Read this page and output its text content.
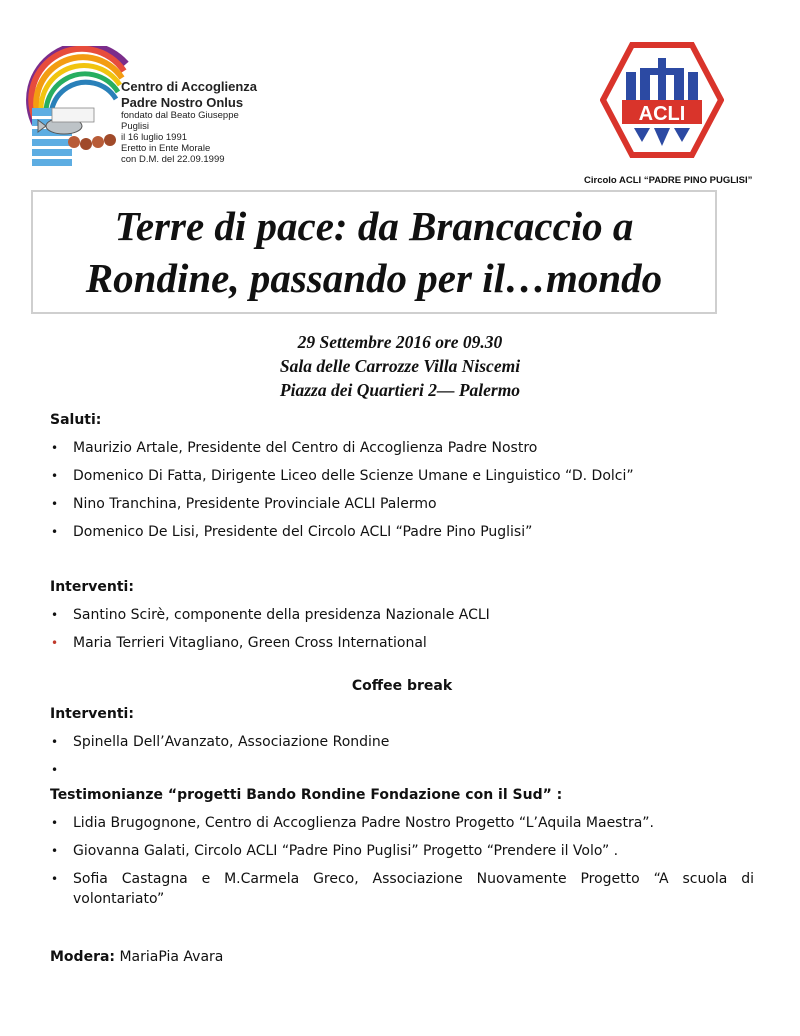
Centro di Accoglienza
Padre Nostro Onlus
fondato dal Beato Giuseppe Puglisi
il 16 luglio 1991
Eretto in Ente Morale
con D.M. del 22.09.1999
ACLI
Circolo ACLI “PADRE PINO PUGLISI”
Terre di pace: da Brancaccio a Rondine, passando per il…mondo
29 Settembre 2016 ore 09.30
Sala delle Carrozze Villa Niscemi
Piazza dei Quartieri 2— Palermo
Saluti:
• Maurizio Artale, Presidente del Centro di Accoglienza Padre Nostro
• Domenico Di Fatta, Dirigente Liceo delle Scienze Umane e Linguistico “D. Dolci”
• Nino Tranchina, Presidente Provinciale ACLI Palermo
• Domenico De Lisi, Presidente del Circolo ACLI “Padre Pino Puglisi”
Interventi:
• Santino Scirè, componente della presidenza Nazionale ACLI
• Maria Terrieri Vitagliano, Green Cross International
Coffee break
Interventi:
• Spinella Dell’Avanzato, Associazione Rondine
•
Testimonianze “progetti Bando Rondine Fondazione con il Sud” :
• Lidia Brugognone, Centro di Accoglienza Padre Nostro Progetto “L’Aquila Maestra”.
• Giovanna Galati, Circolo ACLI “Padre Pino Puglisi” Progetto “Prendere il Volo” .
• Sofia Castagna e M.Carmela Greco, Associazione Nuovamente Progetto “A scuola di volontariato”
Modera: MariaPia Avara
